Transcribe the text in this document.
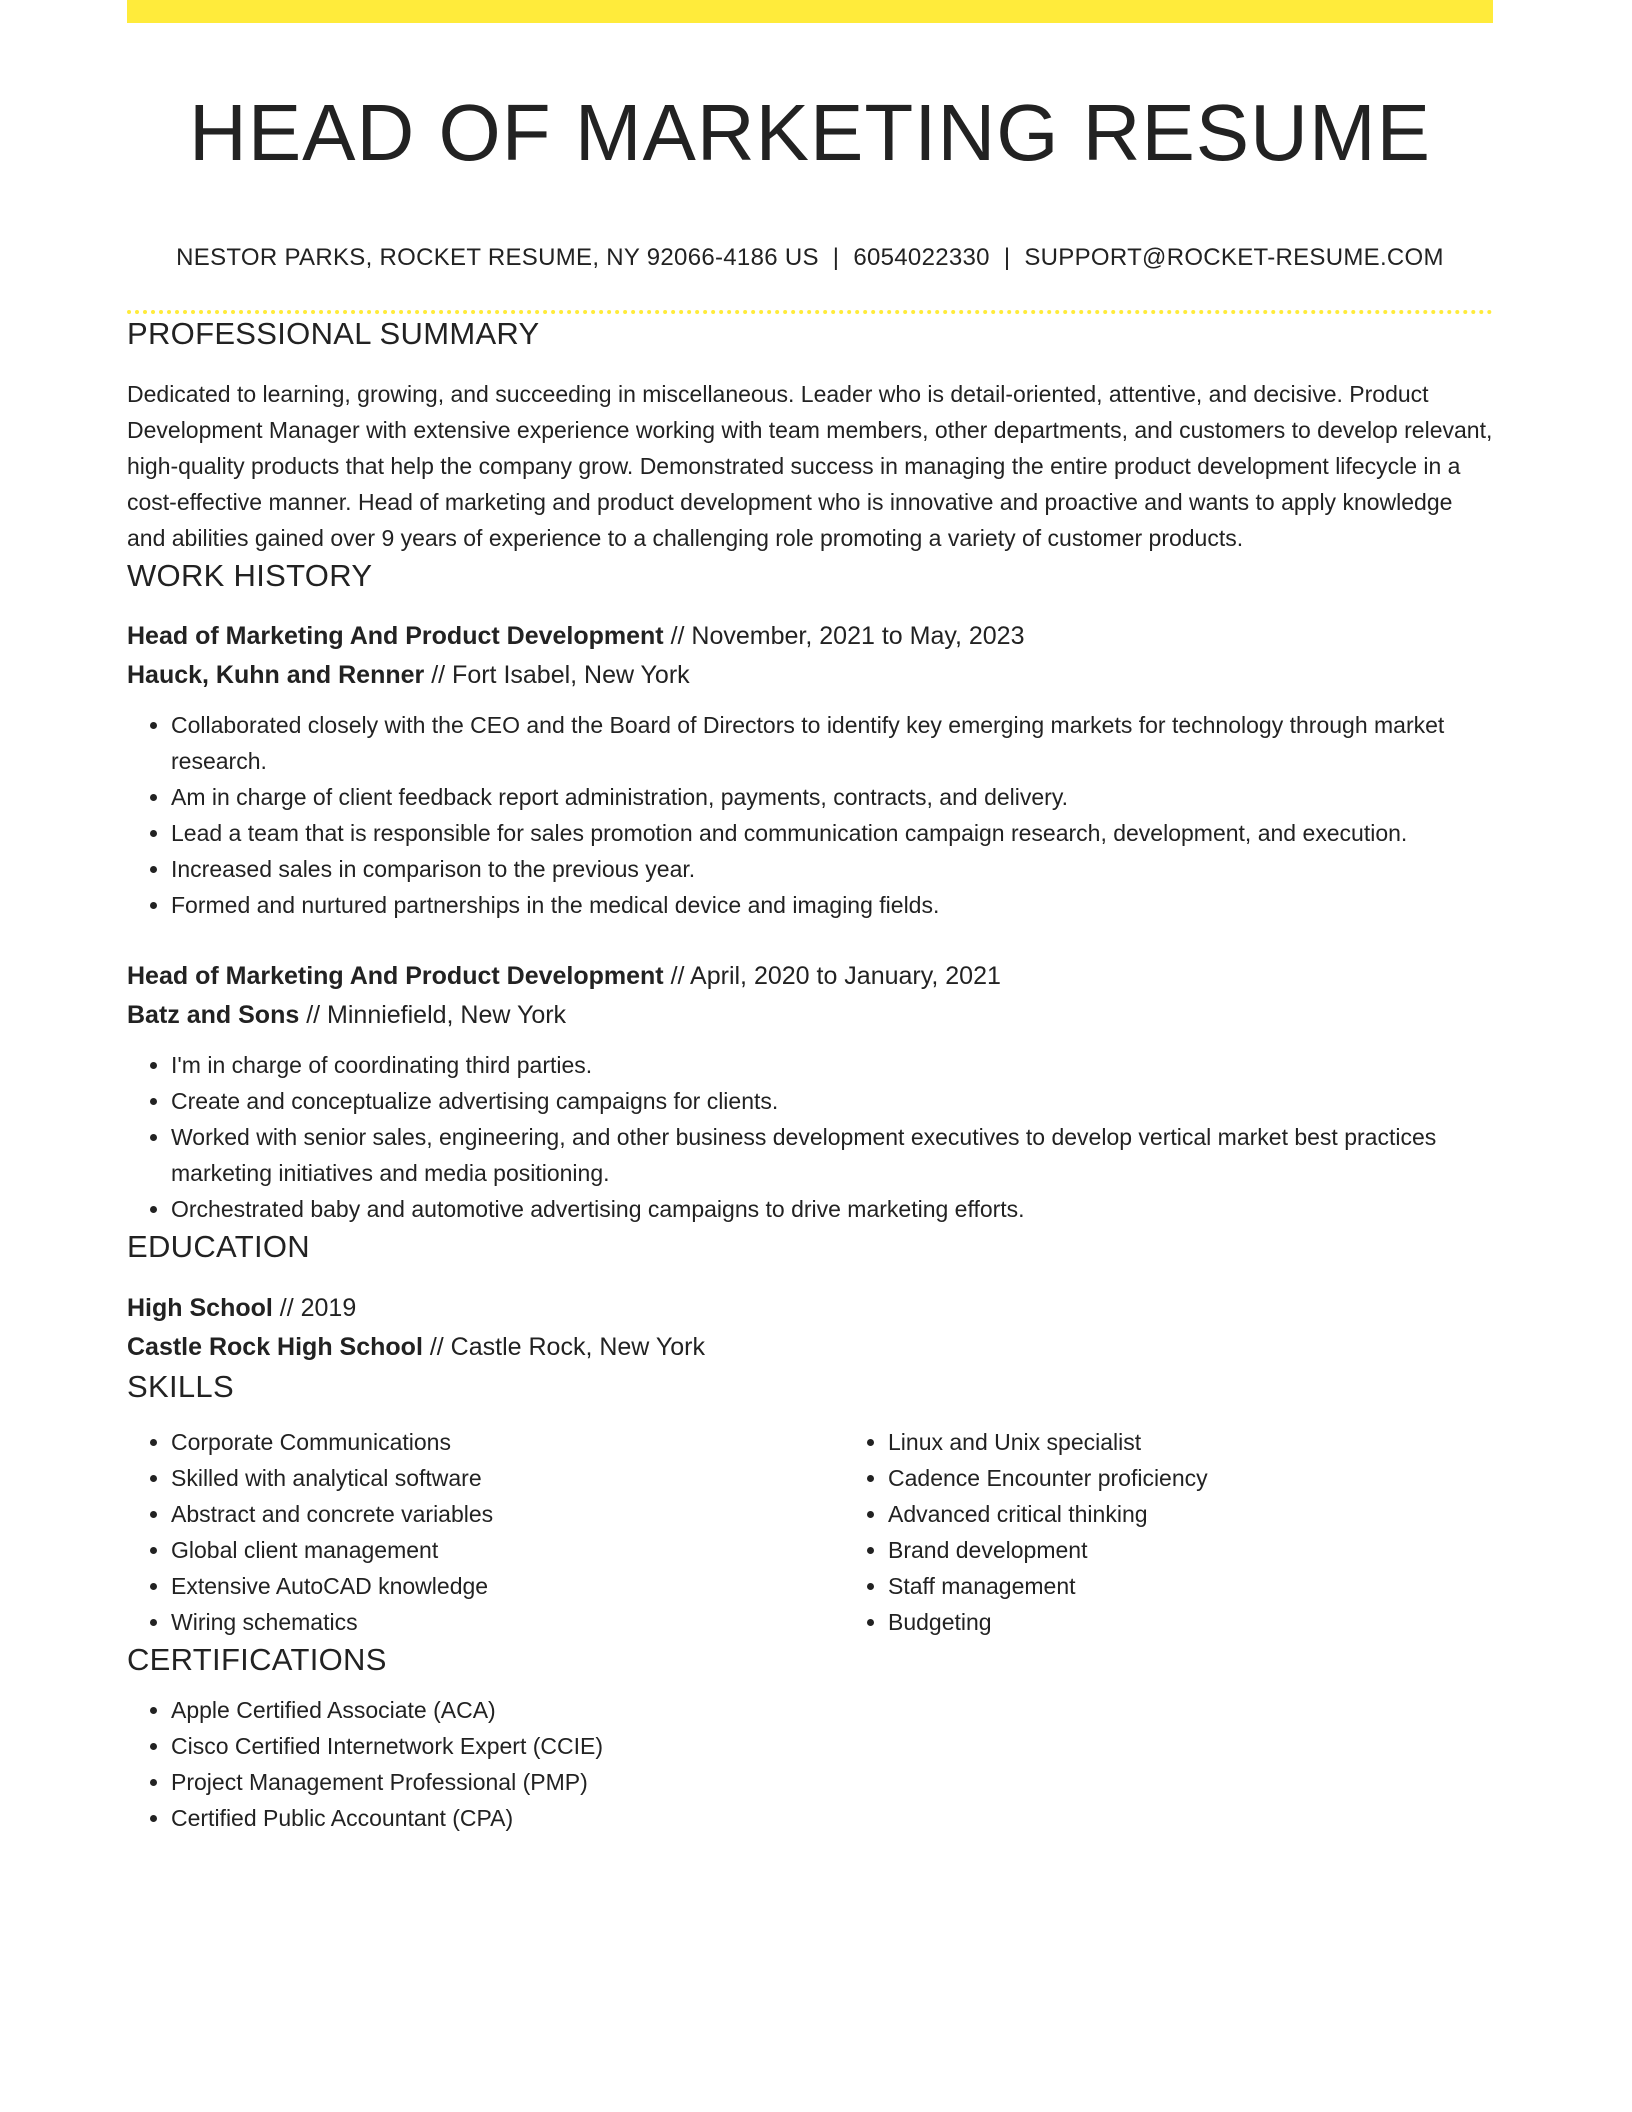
HEAD OF MARKETING RESUME
NESTOR PARKS, ROCKET RESUME, NY 92066-4186 US | 6054022330 | SUPPORT@ROCKET-RESUME.COM
PROFESSIONAL SUMMARY

Dedicated to learning, growing, and succeeding in miscellaneous. Leader who is detail-oriented, attentive, and decisive. Product Development Manager with extensive experience working with team members, other departments, and customers to develop relevant, high-quality products that help the company grow. Demonstrated success in managing the entire product development lifecycle in a cost-effective manner. Head of marketing and product development who is innovative and proactive and wants to apply knowledge and abilities gained over 9 years of experience to a challenging role promoting a variety of customer products.

WORK HISTORY
Head of Marketing And Product Development // November, 2021 to May, 2023
Hauck, Kuhn and Renner // Fort Isabel, New York
• Collaborated closely with the CEO and the Board of Directors to identify key emerging markets for technology through market research.
• Am in charge of client feedback report administration, payments, contracts, and delivery.
• Lead a team that is responsible for sales promotion and communication campaign research, development, and execution.
• Increased sales in comparison to the previous year.
• Formed and nurtured partnerships in the medical device and imaging fields.
Head of Marketing And Product Development // April, 2020 to January, 2021
Batz and Sons // Minniefield, New York
• I'm in charge of coordinating third parties.
• Create and conceptualize advertising campaigns for clients.
• Worked with senior sales, engineering, and other business development executives to develop vertical market best practices marketing initiatives and media positioning.
• Orchestrated baby and automotive advertising campaigns to drive marketing efforts.
EDUCATION
High School // 2019
Castle Rock High School // Castle Rock, New York
SKILLS
• Corporate Communications
• Skilled with analytical software
• Abstract and concrete variables
• Global client management
• Extensive AutoCAD knowledge
• Wiring schematics
• Linux and Unix specialist
• Cadence Encounter proficiency
• Advanced critical thinking
• Brand development
• Staff management
• Budgeting
CERTIFICATIONS
• Apple Certified Associate (ACA)
• Cisco Certified Internetwork Expert (CCIE)
• Project Management Professional (PMP)
• Certified Public Accountant (CPA)
